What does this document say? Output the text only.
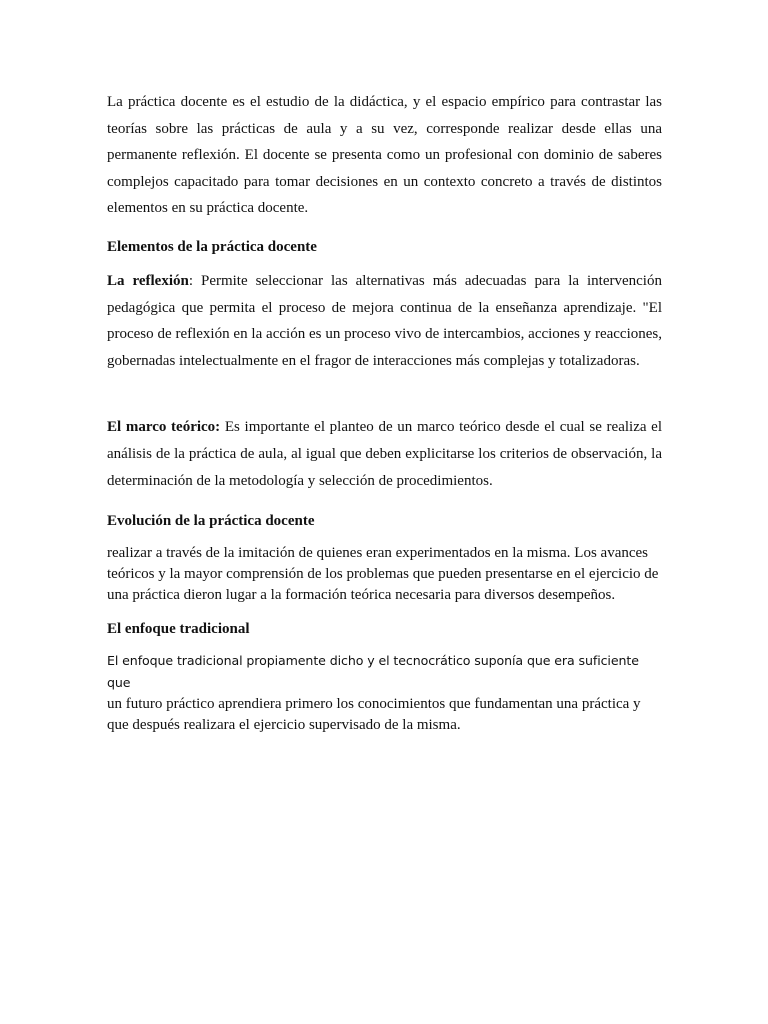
La práctica docente es el estudio de la didáctica, y el espacio empírico para contrastar las teorías sobre las prácticas de aula y a su vez, corresponde realizar desde ellas una permanente reflexión. El docente se presenta como un profesional con dominio de saberes complejos capacitado para tomar decisiones en un contexto concreto a través de distintos elementos en su práctica docente.

Elementos de la práctica docente

La reflexión: Permite seleccionar las alternativas más adecuadas para la intervención pedagógica que permita el proceso de mejora continua de la enseñanza aprendizaje. "El proceso de reflexión en la acción es un proceso vivo de intercambios, acciones y reacciones, gobernadas intelectualmente en el fragor de interacciones más complejas y totalizadoras.

El marco teórico: Es importante el planteo de un marco teórico desde el cual se realiza el análisis de la práctica de aula, al igual que deben explicitarse los criterios de observación, la determinación de la metodología y selección de procedimientos.

Evolución de la práctica docente

realizar a través de la imitación de quienes eran experimentados en la misma. Los avances teóricos y la mayor comprensión de los problemas que pueden presentarse en el ejercicio de una práctica dieron lugar a la formación teórica necesaria para diversos desempeños.

El enfoque tradicional

El enfoque tradicional propiamente dicho y el tecnocrático suponía que era suficiente que
un futuro práctico aprendiera primero los conocimientos que fundamentan una práctica y que después realizara el ejercicio supervisado de la misma.
